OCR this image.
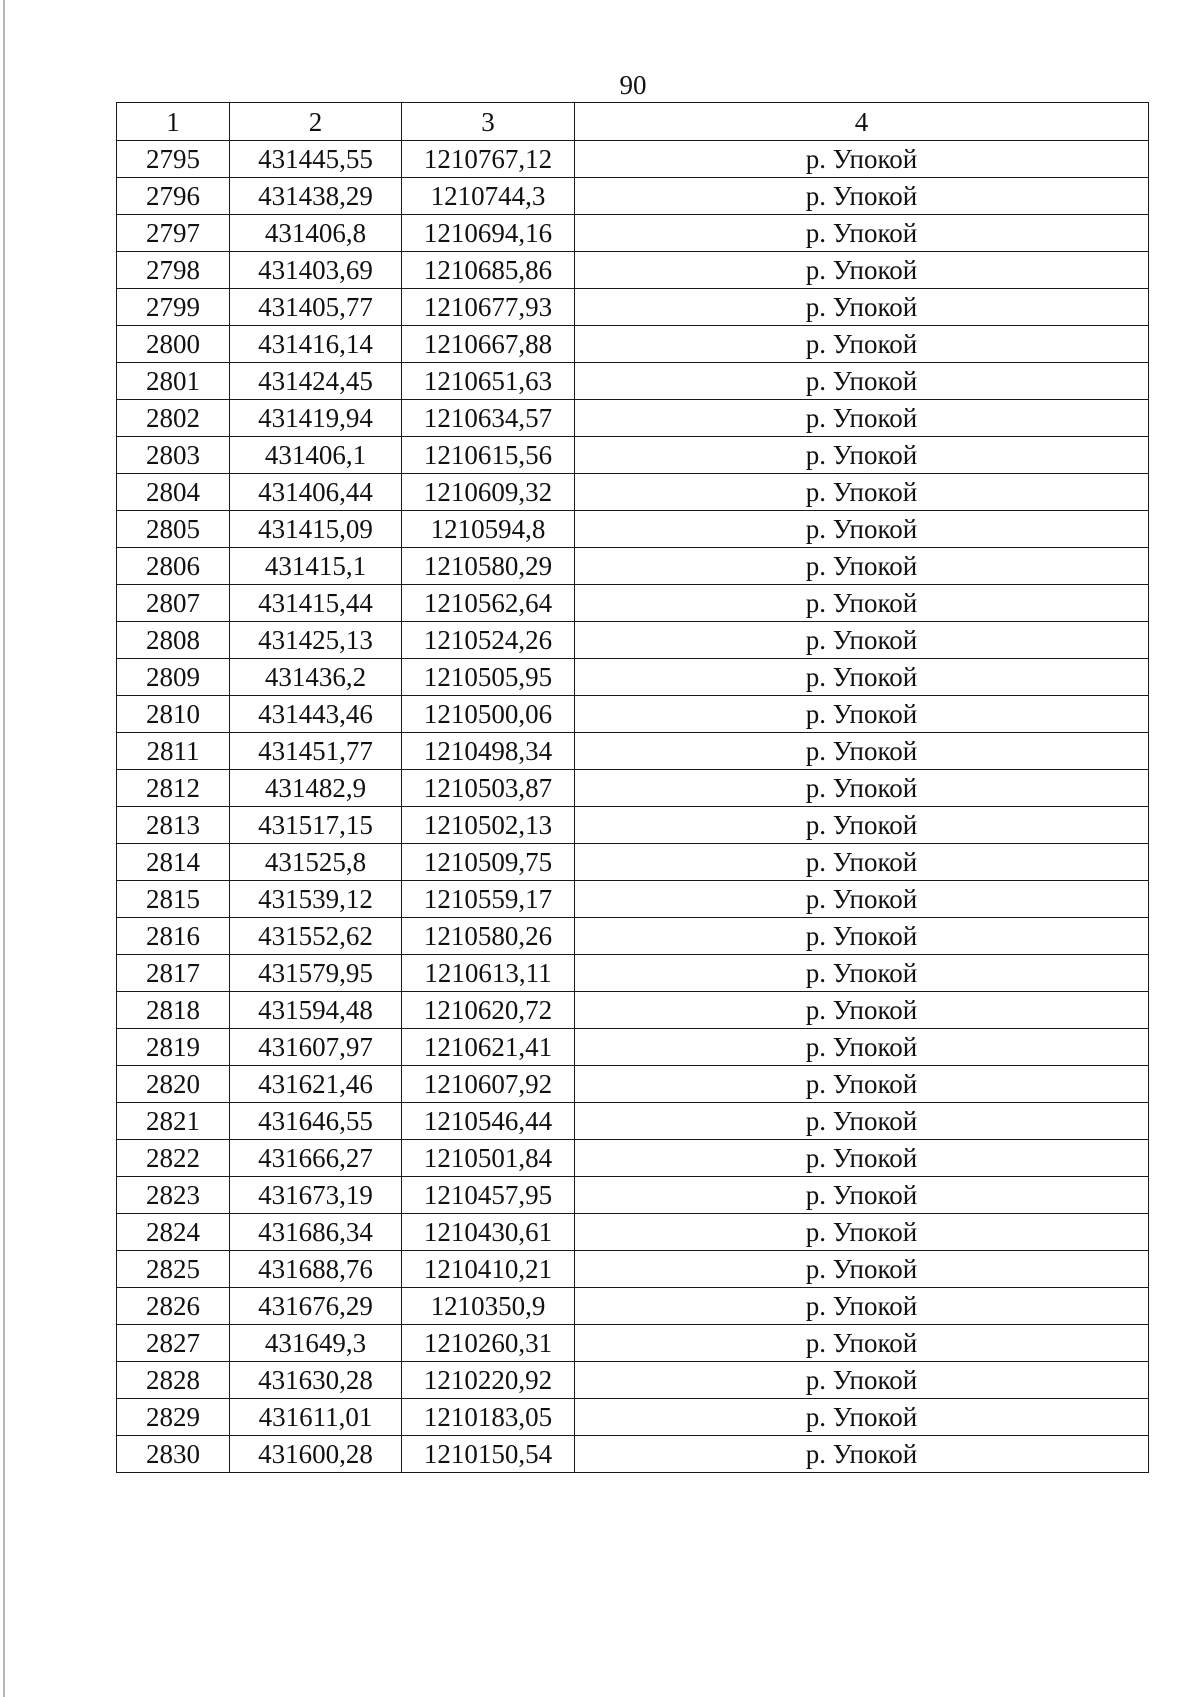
90
1	2	3	4
2795	431445,55	1210767,12	р. Упокой
2796	431438,29	1210744,3	р. Упокой
2797	431406,8	1210694,16	р. Упокой
2798	431403,69	1210685,86	р. Упокой
2799	431405,77	1210677,93	р. Упокой
2800	431416,14	1210667,88	р. Упокой
2801	431424,45	1210651,63	р. Упокой
2802	431419,94	1210634,57	р. Упокой
2803	431406,1	1210615,56	р. Упокой
2804	431406,44	1210609,32	р. Упокой
2805	431415,09	1210594,8	р. Упокой
2806	431415,1	1210580,29	р. Упокой
2807	431415,44	1210562,64	р. Упокой
2808	431425,13	1210524,26	р. Упокой
2809	431436,2	1210505,95	р. Упокой
2810	431443,46	1210500,06	р. Упокой
2811	431451,77	1210498,34	р. Упокой
2812	431482,9	1210503,87	р. Упокой
2813	431517,15	1210502,13	р. Упокой
2814	431525,8	1210509,75	р. Упокой
2815	431539,12	1210559,17	р. Упокой
2816	431552,62	1210580,26	р. Упокой
2817	431579,95	1210613,11	р. Упокой
2818	431594,48	1210620,72	р. Упокой
2819	431607,97	1210621,41	р. Упокой
2820	431621,46	1210607,92	р. Упокой
2821	431646,55	1210546,44	р. Упокой
2822	431666,27	1210501,84	р. Упокой
2823	431673,19	1210457,95	р. Упокой
2824	431686,34	1210430,61	р. Упокой
2825	431688,76	1210410,21	р. Упокой
2826	431676,29	1210350,9	р. Упокой
2827	431649,3	1210260,31	р. Упокой
2828	431630,28	1210220,92	р. Упокой
2829	431611,01	1210183,05	р. Упокой
2830	431600,28	1210150,54	р. Упокой
